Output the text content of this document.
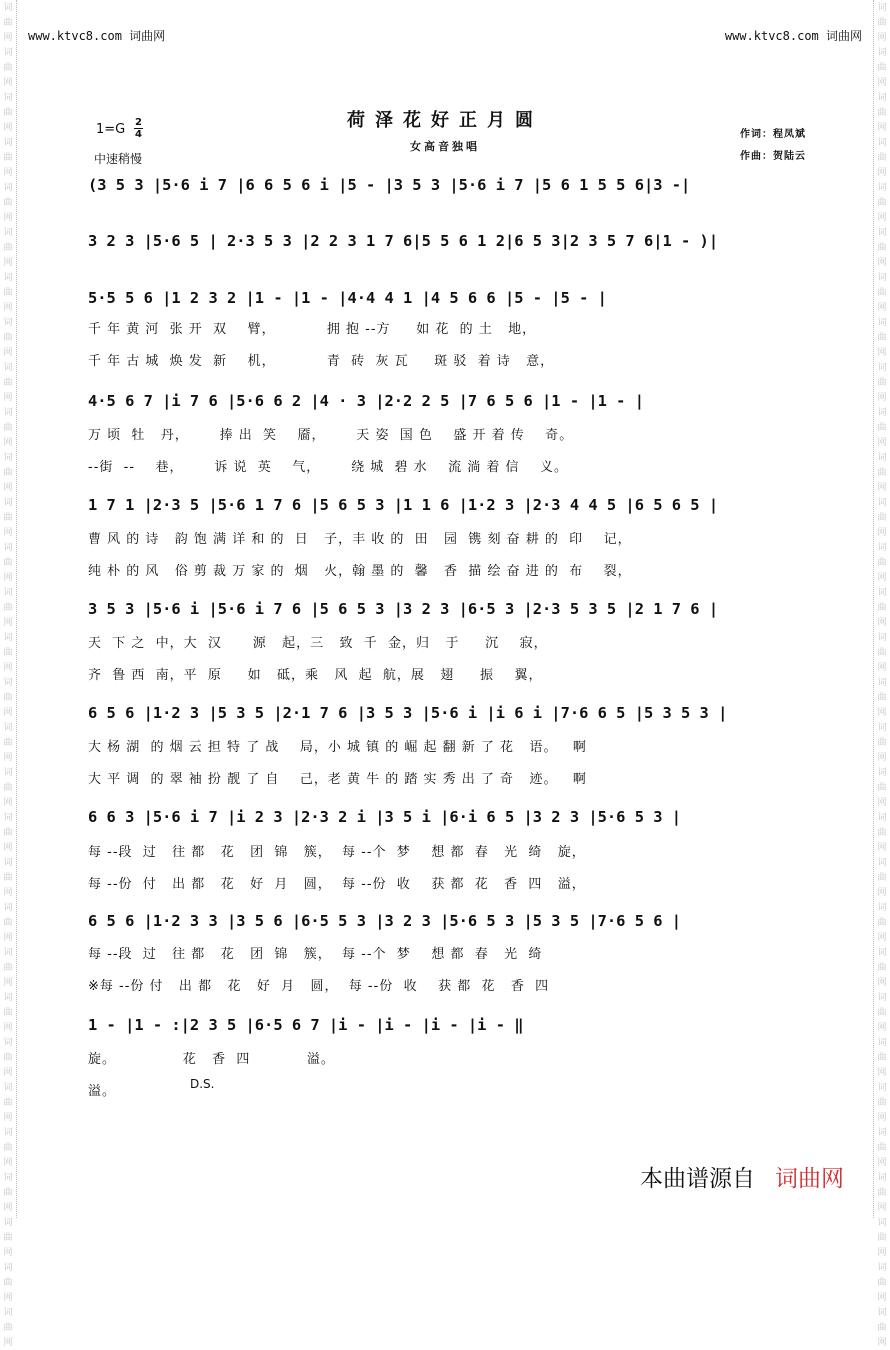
词
曲
网
词
曲
网
词
曲
网
词
曲
网
词
曲
网
词
曲
网
词
曲
网
词
曲
网
词
曲
网
词
曲
网
词
曲
网
词
曲
网
词
曲
网
词
曲
网
词
曲
网
词
曲
网
词
曲
网
词
曲
网
词
曲
网
词
曲
网
词
曲
网
词
曲
网
词
曲
网
词
曲
网
词
曲
网
词
曲
网
词
曲
网
词
曲
网
词
曲
网
词
曲
网
词
曲
网
词
曲
网
词
曲
网
词
曲
网
词
曲
网
词
曲
网
词
曲
网
词
曲
网
词
曲
网
词
曲
网
词
曲
网
词
曲
网
词
曲
网
词
曲
网
词
曲
网
词
曲
网
词
曲
网
词
曲
网
词
曲
网
词
曲
网
词
曲
网
词
曲
网
词
曲
网
词
曲
网
词
曲
网
词
曲
网
词
曲
网
词
曲
网
词
曲
网
词
曲
网
www.ktvc8.com 词曲网	www.ktvc8.com 词曲网
荷泽花好正月圆
女高音独唱
1=G 2
4
中速稍慢
作词：程凤斌
作曲：贺陆云
(3 5 3 |5·6 i 7 |6 6 5 6 i |5 - |3 5 3 |5·6 i 7 |5 6 1 5 5 6|3 -|
3 2 3 |5·6 5 | 2·3 5 3 |2 2 3 1 7 6|5 5 6 1 2|6 5 3|2 3 5 7 6|1 - )|
5·5 5 6 |1 2 3 2 |1 - |1 - |4·4 4 1 |4 5 6 6 |5 - |5 - |
千 年 黄 河  张 开  双    臂，          拥 抱 --方     如 花  的 土   地，
千 年 古 城  焕 发  新    机，          青  砖  灰 瓦     斑 驳  着 诗   意，
4·5 6 7 |i 7 6 |5·6 6 2 |4 · 3 |2·2 2 5 |7 6 5 6 |1 - |1 - |
万 顷  牡   丹，      捧 出  笑    靥，      天 姿  国 色    盛 开 着 传    奇。
--街  --    巷，      诉 说  英    气，      绕 城  碧 水    流 淌 着 信    义。
1 7 1 |2·3 5 |5·6 1 7 6 |5 6 5 3 |1 1 6 |1·2 3 |2·3 4 4 5 |6 5 6 5 |
曹 风 的 诗   韵 饱 满 详 和 的  日   子，丰 收 的  田   园  镌 刻 奋 耕 的  印    记，
纯 朴 的 风   俗 剪 裁 万 家 的  烟   火，翰 墨 的  馨   香  描 绘 奋 进 的  布    裂，
3 5 3 |5·6 i |5·6 i 7 6 |5 6 5 3 |3 2 3 |6·5 3 |2·3 5 3 5 |2 1 7 6 |
天  下 之  中，大  汉      源   起，三   致  千  金，归   于     沉    寂，
齐  鲁 西  南，平  原     如   砥，乘   风  起  航，展   翅     振    翼，
6 5 6 |1·2 3 |5 3 5 |2·1 7 6 |3 5 3 |5·6 i |i 6 i |7·6 6 5 |5 3 5 3 |
大 杨 湖  的 烟 云 担 特 了 战    局，小 城 镇 的 崛 起 翻 新 了 花   语。   啊
大 平 调  的 翠 袖 扮 靓 了 自    己，老 黄 牛 的 踏 实 秀 出 了 奇   迹。   啊
6 6 3 |5·6 i 7 |i 2 3 |2·3 2 i |3 5 i |6·i 6 5 |3 2 3 |5·6 5 3 |
每 --段  过   往 都   花   团  锦   簇，  每 --个  梦    想 都  春   光  绮   旋，
每 --份  付   出 都   花   好  月   圆，  每 --份  收    获 都  花   香  四   溢，
6 5 6 |1·2 3 3 |3 5 6 |6·5 5 3 |3 2 3 |5·6 5 3 |5 3 5 |7·6 5 6 |
每 --段  过   往 都   花   团  锦   簇，  每 --个  梦    想 都  春   光  绮
※每 --份 付   出 都   花   好  月   圆，  每 --份  收    获 都  花   香  四
1 - |1 - :|2 3 5 |6·5 6 7 |i - |i - |i - |i - ‖
旋。             花   香  四           溢。
溢。	D.S.
本曲谱源自 词曲网
